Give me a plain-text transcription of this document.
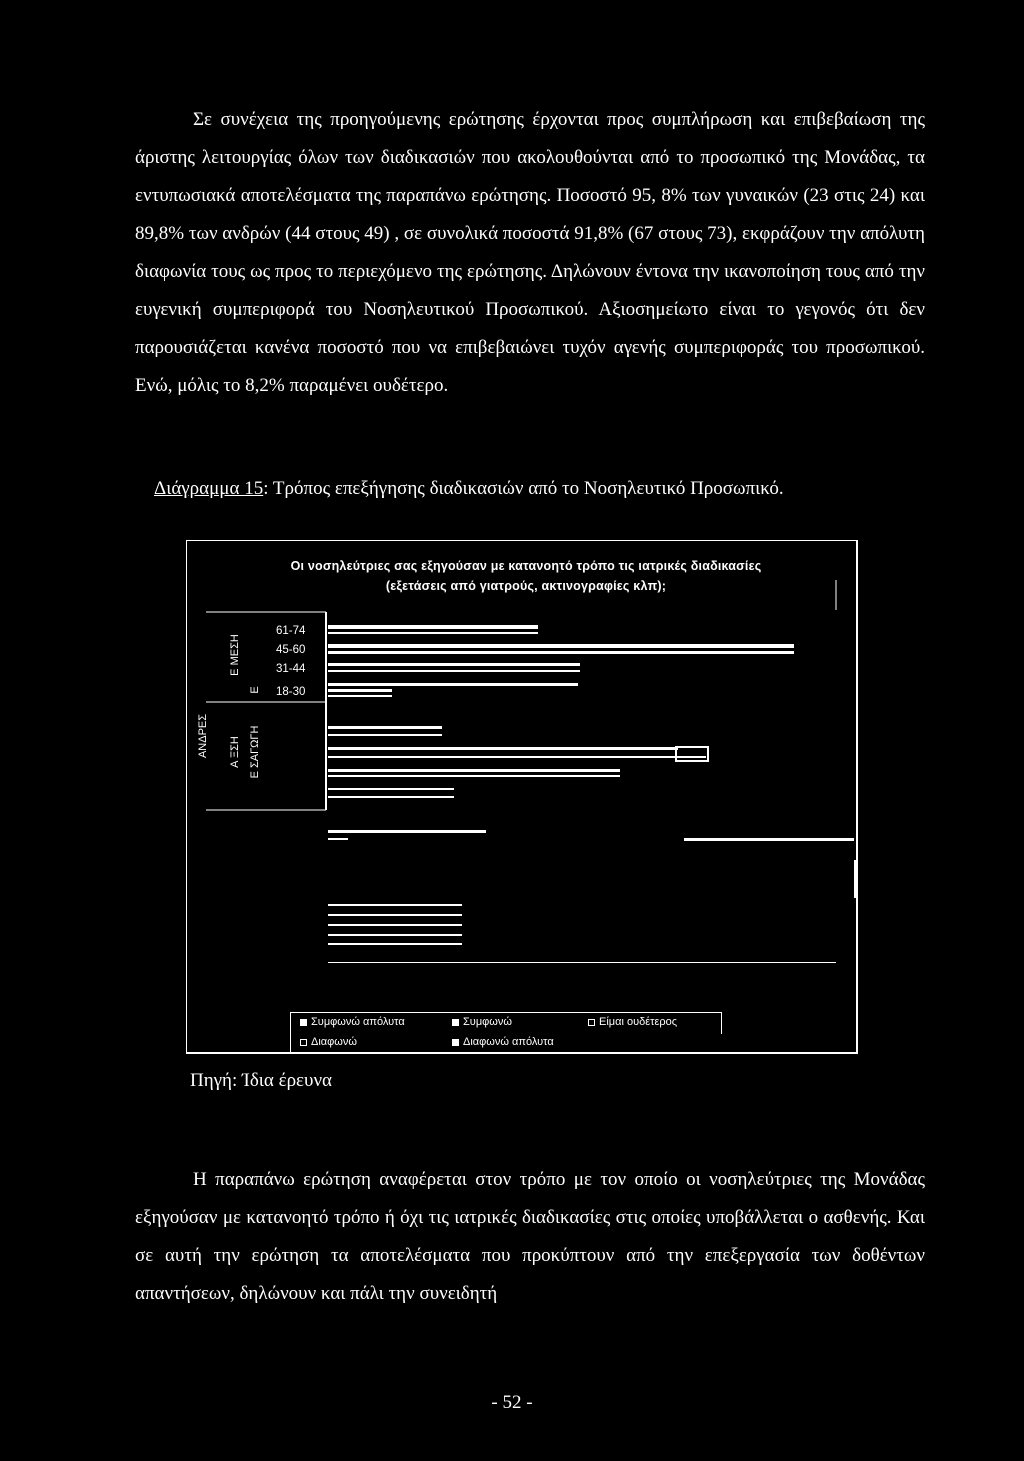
Σε συνέχεια της προηγούμενης ερώτησης έρχονται προς συμπλήρωση και επιβεβαίωση της άριστης λειτουργίας όλων των διαδικασιών που ακολουθούνται από το προσωπικό της Μονάδας, τα εντυπωσιακά αποτελέσματα της παραπάνω ερώτησης. Ποσοστό 95, 8% των γυναικών (23 στις 24) και 89,8% των ανδρών (44 στους 49) , σε συνολικά ποσοστά 91,8% (67 στους 73), εκφράζουν την απόλυτη διαφωνία τους ως προς το περιεχόμενο της ερώτησης. Δηλώνουν έντονα την ικανοποίηση τους από την ευγενική συμπεριφορά του Νοσηλευτικού Προσωπικού. Αξιοσημείωτο είναι το γεγονός ότι δεν παρουσιάζεται κανένα ποσοστό που να επιβεβαιώνει τυχόν αγενής συμπεριφοράς του προσωπικού. Ενώ, μόλις το 8,2% παραμένει ουδέτερο.

Διάγραμμα 15: Τρόπος επεξήγησης διαδικασιών από το Νοσηλευτικό Προσωπικό.

Οι νοσηλεύτριες σας εξηγούσαν με κατανοητό τρόπο τις ιατρικές διαδικασίες (εξετάσεις από γιατρούς, ακτινογραφίες κλπ);
ΑΝΔΡΕΣ
Ε ΜΕΣΗ
Ε
Α ΞΣΗ Ε ΣΑΓΩΓΗ
61-74
45-60
31-44
18-30
Συμφωνώ απόλυτα	Συμφωνώ	Είμαι ουδέτερος
Διαφωνώ	Διαφωνώ απόλυτα
Πηγή: Ίδια έρευνα

Η παραπάνω ερώτηση αναφέρεται στον τρόπο με τον οποίο οι νοσηλεύτριες της Μονάδας εξηγούσαν με κατανοητό τρόπο ή όχι τις ιατρικές διαδικασίες στις οποίες υποβάλλεται ο ασθενής. Και σε αυτή την ερώτηση τα αποτελέσματα που προκύπτουν από την επεξεργασία των δοθέντων απαντήσεων, δηλώνουν και πάλι την συνειδητή

- 52 -
